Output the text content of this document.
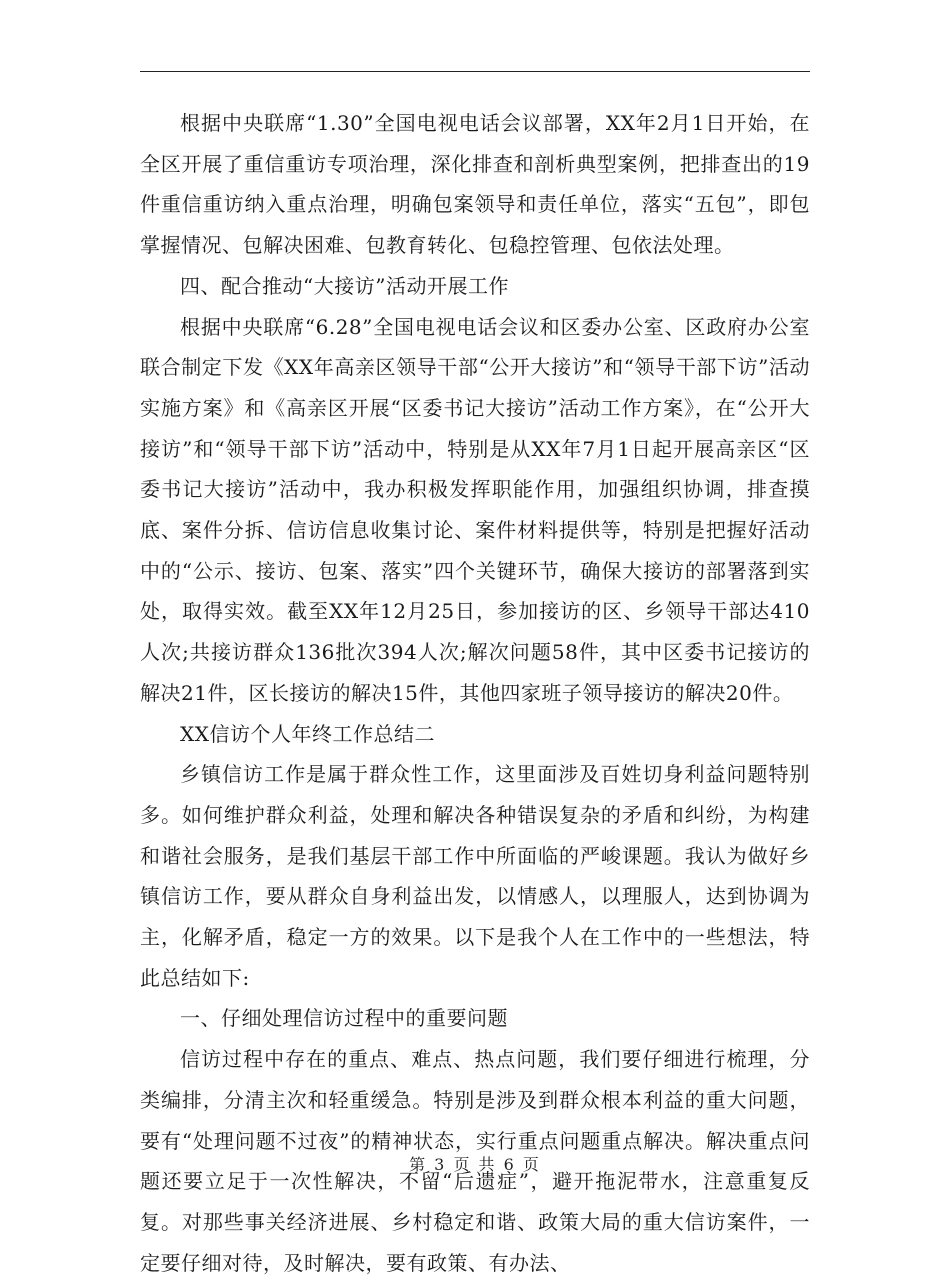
根据中央联席“1.30”全国电视电话会议部署，XX年2月1日开始，在全区开展了重信重访专项治理，深化排查和剖析典型案例，把排查出的19件重信重访纳入重点治理，明确包案领导和责任单位，落实“五包”，即包掌握情况、包解决困难、包教育转化、包稳控管理、包依法处理。

四、配合推动“大接访”活动开展工作

根据中央联席“6.28”全国电视电话会议和区委办公室、区政府办公室联合制定下发《XX年高亲区领导干部“公开大接访”和“领导干部下访”活动实施方案》和《高亲区开展“区委书记大接访”活动工作方案》，在“公开大接访”和“领导干部下访”活动中，特别是从XX年7月1日起开展高亲区“区委书记大接访”活动中，我办积极发挥职能作用，加强组织协调，排查摸底、案件分拆、信访信息收集讨论、案件材料提供等，特别是把握好活动中的“公示、接访、包案、落实”四个关键环节，确保大接访的部署落到实处，取得实效。截至XX年12月25日，参加接访的区、乡领导干部达410人次;共接访群众136批次394人次;解次问题58件，其中区委书记接访的解决21件，区长接访的解决15件，其他四家班子领导接访的解决20件。

XX信访个人年终工作总结二

乡镇信访工作是属于群众性工作，这里面涉及百姓切身利益问题特别多。如何维护群众利益，处理和解决各种错误复杂的矛盾和纠纷，为构建和谐社会服务，是我们基层干部工作中所面临的严峻课题。我认为做好乡镇信访工作，要从群众自身利益出发，以情感人，以理服人，达到协调为主，化解矛盾，稳定一方的效果。以下是我个人在工作中的一些想法，特此总结如下:

一、仔细处理信访过程中的重要问题

信访过程中存在的重点、难点、热点问题，我们要仔细进行梳理，分类编排，分清主次和轻重缓急。特别是涉及到群众根本利益的重大问题，要有“处理问题不过夜”的精神状态，实行重点问题重点解决。解决重点问题还要立足于一次性解决，不留“后遗症”，避开拖泥带水，注意重复反复。对那些事关经济进展、乡村稳定和谐、政策大局的重大信访案件，一定要仔细对待，及时解决，要有政策、有办法、

第 3 页 共 6 页
